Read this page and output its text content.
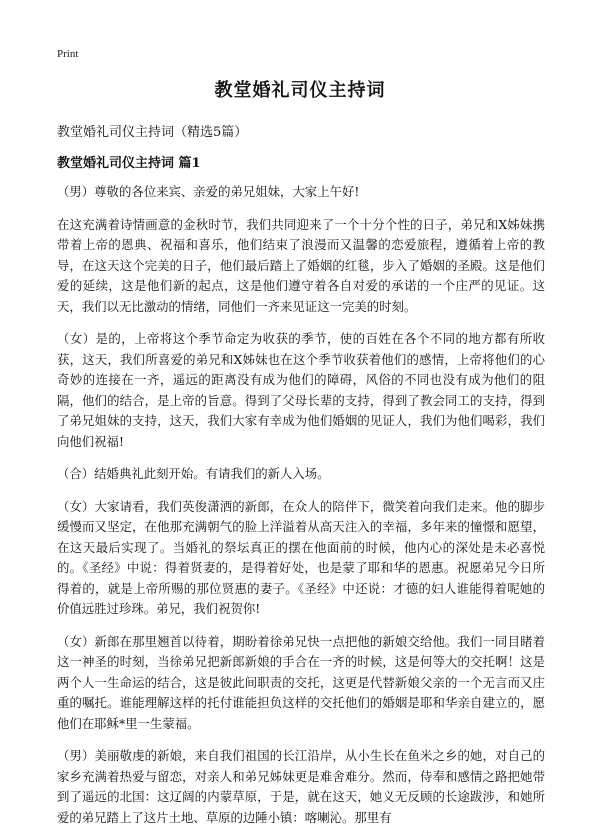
Print
教堂婚礼司仪主持词
教堂婚礼司仪主持词（精选5篇）
教堂婚礼司仪主持词 篇1

（男）尊敬的各位来宾、亲爱的弟兄姐妹，大家上午好!

在这充满着诗情画意的金秋时节，我们共同迎来了一个十分个性的日子，弟兄和X姊妹携带着上帝的恩典、祝福和喜乐，他们结束了浪漫而又温馨的恋爱旅程，遵循着上帝的教导，在这天这个完美的日子，他们最后踏上了婚姻的红毯，步入了婚姻的圣殿。这是他们爱的延续，这是他们新的起点，这是他们遵守着各自对爱的承诺的一个庄严的见证。这天，我们以无比激动的情绪，同他们一齐来见证这一完美的时刻。

（女）是的，上帝将这个季节命定为收获的季节，使的百姓在各个不同的地方都有所收获，这天，我们所喜爱的弟兄和X姊妹也在这个季节收获着他们的感情，上帝将他们的心奇妙的连接在一齐，遥远的距离没有成为他们的障碍，风俗的不同也没有成为他们的阻隔，他们的结合，是上帝的旨意。得到了父母长辈的支持，得到了教会同工的支持，得到了弟兄姐妹的支持，这天，我们大家有幸成为他们婚姻的见证人，我们为他们喝彩，我们向他们祝福!

（合）结婚典礼此刻开始。有请我们的新人入场。

（女）大家请看，我们英俊潇洒的新郎，在众人的陪伴下，微笑着向我们走来。他的脚步缓慢而又坚定，在他那充满朝气的脸上洋溢着从高天注入的幸福，多年来的憧憬和愿望，在这天最后实现了。当婚礼的祭坛真正的摆在他面前的时候，他内心的深处是未必喜悦的。《圣经》中说：得着贤妻的，是得着好处，也是蒙了耶和华的恩惠。祝愿弟兄今日所得着的，就是上帝所赐的那位贤惠的妻子。《圣经》中还说：才德的妇人谁能得着呢她的价值远胜过珍珠。弟兄，我们祝贺你!

（女）新郎在那里翘首以待着，期盼着徐弟兄快一点把他的新娘交给他。我们一同目睹着这一神圣的时刻，当徐弟兄把新郎新娘的手合在一齐的时候，这是何等大的交托啊！这是两个人一生命运的结合，这是彼此间职责的交托，这更是代替新娘父亲的一个无言而又庄重的嘱托。谁能理解这样的托付谁能担负这样的交托他们的婚姻是耶和华亲自建立的，愿他们在耶稣*里一生蒙福。

（男）美丽敬虔的新娘，来自我们祖国的长江沿岸，从小生长在鱼米之乡的她，对自己的家乡充满着热爱与留恋，对亲人和弟兄姊妹更是难舍难分。然而，侍奉和感情之路把她带到了遥远的北国：这辽阔的内蒙草原，于是，就在这天，她义无反顾的长途跋涉，和她所爱的弟兄踏上了这片土地、草原的边陲小镇：喀喇沁。那里有
